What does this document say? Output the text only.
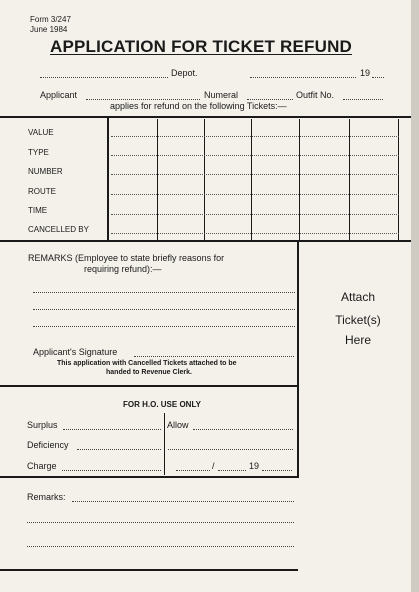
Form 3/247
June 1984
APPLICATION FOR TICKET REFUND
Depot.	19
Applicant	Numeral	Outfit No.
applies for refund on the following Tickets:—
VALUE
TYPE
NUMBER
ROUTE
TIME
CANCELLED BY
Attach
Ticket(s)
Here
REMARKS (Employee to state briefly reasons for
requiring refund):—
Applicant's Signature
This application with Cancelled Tickets attached to be
handed to Revenue Clerk.
FOR H.O. USE ONLY
Surplus	Allow
Deficiency
Charge	/	19
Remarks:
